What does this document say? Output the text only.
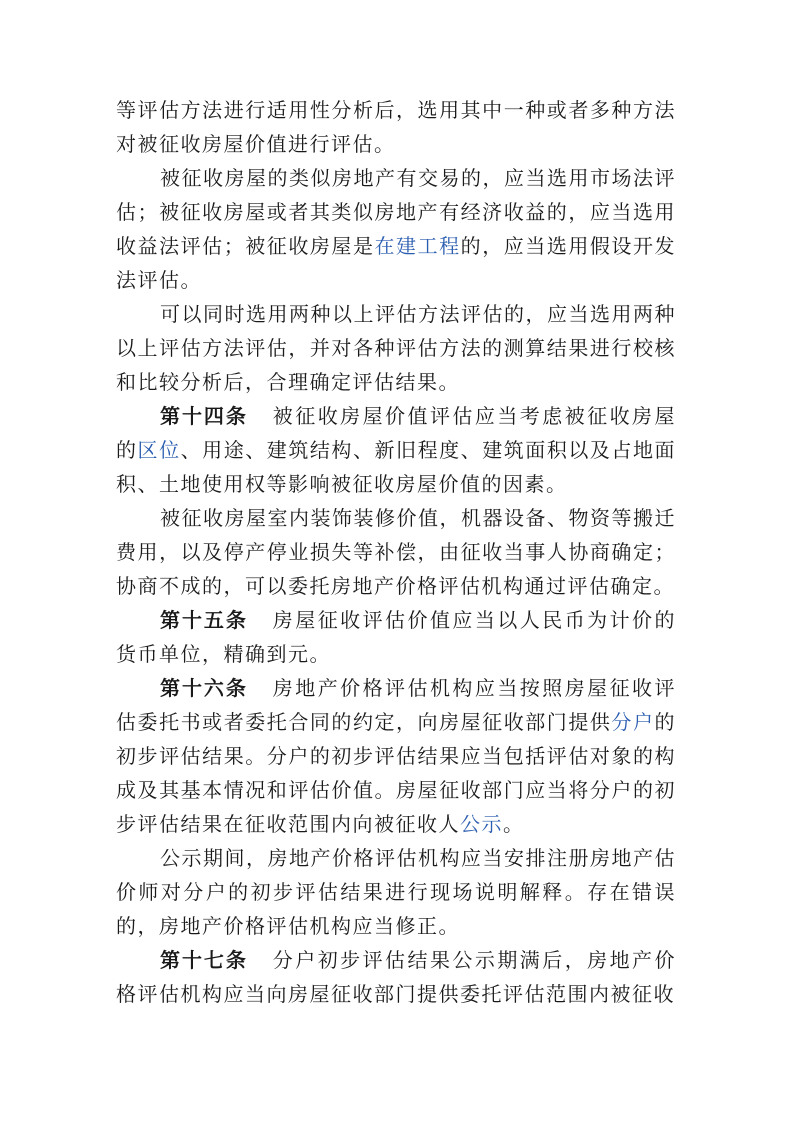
等评估方法进行适用性分析后，选用其中一种或者多种方法对被征收房屋价值进行评估。

被征收房屋的类似房地产有交易的，应当选用市场法评估；被征收房屋或者其类似房地产有经济收益的，应当选用收益法评估；被征收房屋是在建工程的，应当选用假设开发法评估。

可以同时选用两种以上评估方法评估的，应当选用两种以上评估方法评估，并对各种评估方法的测算结果进行校核和比较分析后，合理确定评估结果。

第十四条 被征收房屋价值评估应当考虑被征收房屋的区位、用途、建筑结构、新旧程度、建筑面积以及占地面积、土地使用权等影响被征收房屋价值的因素。

被征收房屋室内装饰装修价值，机器设备、物资等搬迁费用，以及停产停业损失等补偿，由征收当事人协商确定；协商不成的，可以委托房地产价格评估机构通过评估确定。

第十五条 房屋征收评估价值应当以人民币为计价的货币单位，精确到元。

第十六条 房地产价格评估机构应当按照房屋征收评估委托书或者委托合同的约定，向房屋征收部门提供分户的初步评估结果。分户的初步评估结果应当包括评估对象的构成及其基本情况和评估价值。房屋征收部门应当将分户的初步评估结果在征收范围内向被征收人公示。

公示期间，房地产价格评估机构应当安排注册房地产估价师对分户的初步评估结果进行现场说明解释。存在错误的，房地产价格评估机构应当修正。

第十七条 分户初步评估结果公示期满后，房地产价格评估机构应当向房屋征收部门提供委托评估范围内被征收
